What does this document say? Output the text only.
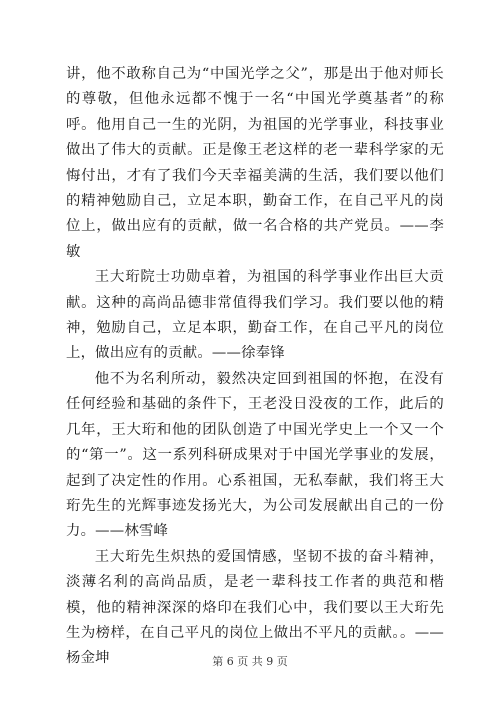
讲，他不敢称自己为“中国光学之父”，那是出于他对师长的尊敬，但他永远都不愧于一名“中国光学奠基者”的称呼。他用自己一生的光阴，为祖国的光学事业，科技事业做出了伟大的贡献。正是像王老这样的老一辈科学家的无悔付出，才有了我们今天幸福美满的生活，我们要以他们的精神勉励自己，立足本职，勤奋工作，在自己平凡的岗位上，做出应有的贡献，做一名合格的共产党员。——李敏

王大珩院士功勋卓着，为祖国的科学事业作出巨大贡献。这种的高尚品德非常值得我们学习。我们要以他的精神，勉励自己，立足本职，勤奋工作，在自己平凡的岗位上，做出应有的贡献。——徐奉锋

他不为名利所动，毅然决定回到祖国的怀抱，在没有任何经验和基础的条件下，王老没日没夜的工作，此后的几年，王大珩和他的团队创造了中国光学史上一个又一个的“第一”。这一系列科研成果对于中国光学事业的发展，起到了决定性的作用。心系祖国，无私奉献，我们将王大珩先生的光辉事迹发扬光大，为公司发展献出自己的一份力。——林雪峰

王大珩先生炽热的爱国情感，坚韧不拔的奋斗精神，淡薄名利的高尚品质，是老一辈科技工作者的典范和楷模，他的精神深深的烙印在我们心中，我们要以王大珩先生为榜样，在自己平凡的岗位上做出不平凡的贡献。。——杨金坤	第 6 页 共 9 页
